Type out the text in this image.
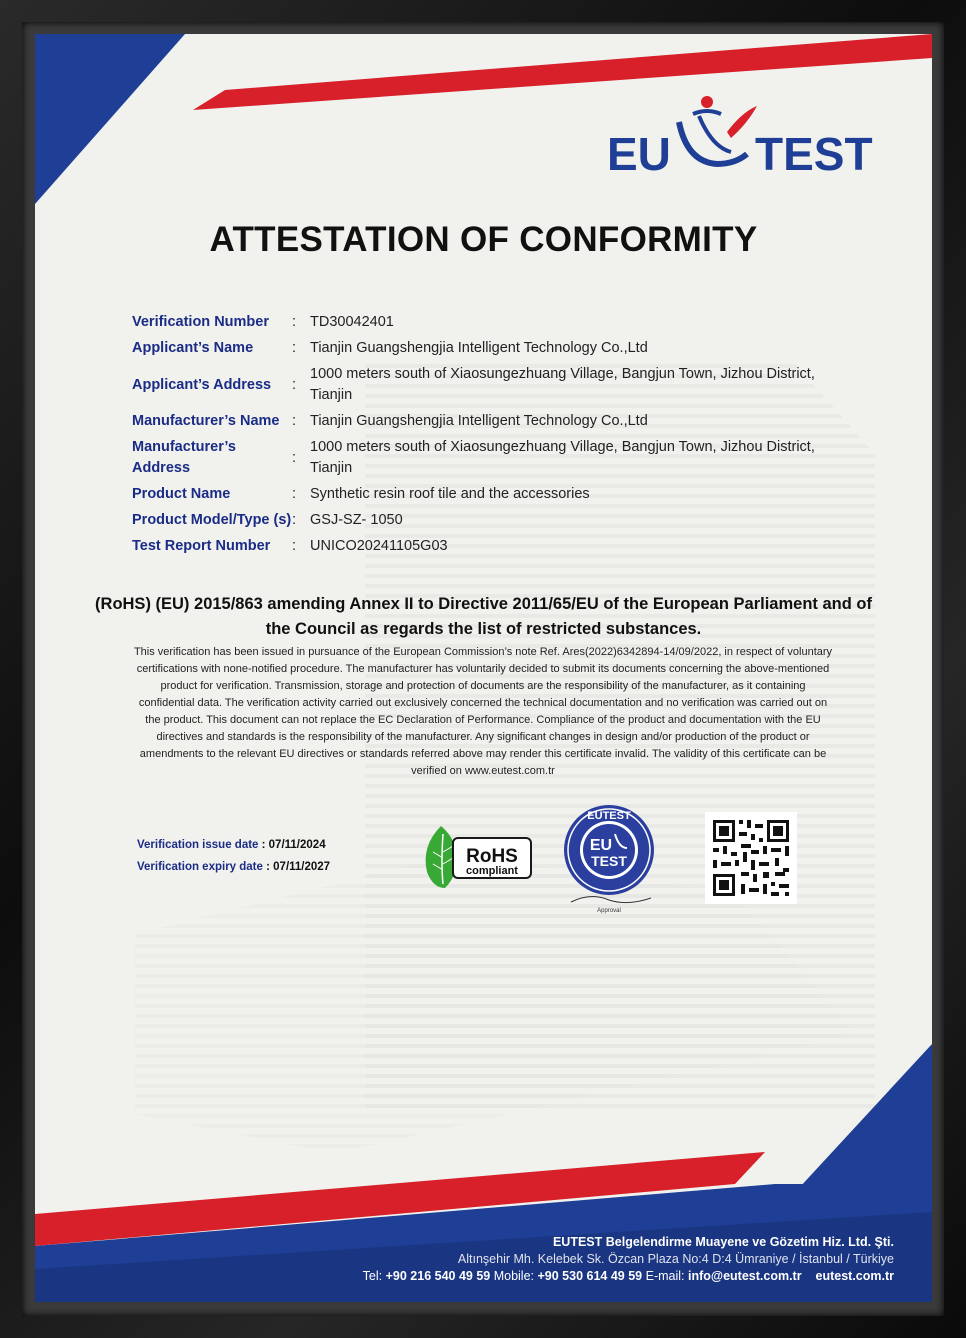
EU TEST
ATTESTATION OF CONFORMITY
Verification Number	: TD30042401
Applicant’s Name	: Tianjin Guangshengjia Intelligent Technology Co.,Ltd
Applicant’s Address	:
1000 meters south of Xiaosungezhuang Village, Bangjun Town, Jizhou District, Tianjin
Manufacturer’s Name : Tianjin Guangshengjia Intelligent Technology Co.,Ltd
Manufacturer’s Address
:
1000 meters south of Xiaosungezhuang Village, Bangjun Town, Jizhou District, Tianjin
Product Name	: Synthetic resin roof tile and the accessories
Product Model/Type (s) : GSJ-SZ- 1050
Test Report Number	: UNICO20241105G03
(RoHS) (EU) 2015/863 amending Annex II to Directive 2011/65/EU of the European Parliament and of the Council as regards the list of restricted substances.
This verification has been issued in pursuance of the European Commission’s note Ref. Ares(2022)6342894-14/09/2022, in respect of voluntary certifications with none-notified procedure. The manufacturer has voluntarily decided to submit its documents concerning the above-mentioned product for verification. Transmission, storage and protection of documents are the responsibility of the manufacturer, as it containing confidential data. The verification activity carried out exclusively concerned the technical documentation and no verification was carried out on the product. This document can not replace the EC Declaration of Performance. Compliance of the product and documentation with the EU directives and standards is the responsibility of the manufacturer. Any significant changes in design and/or production of the product or amendments to the relevant EU directives or standards referred above may render this certificate invalid. The validity of this certificate can be verified on www.eutest.com.tr
Verification issue date : 07/11/2024
Verification expiry date : 07/11/2027	RoHS
compliant
EUTEST
EU
TEST
Approval
EUTEST Belgelendirme Muayene ve Gözetim Hiz. Ltd. Şti.
Altınşehir Mh. Kelebek Sk. Özcan Plaza No:4 D:4 Ümraniye / İstanbul / Türkiye
Tel: +90 216 540 49 59 Mobile: +90 530 614 49 59 E-mail: info@eutest.com.tr eutest.com.tr
